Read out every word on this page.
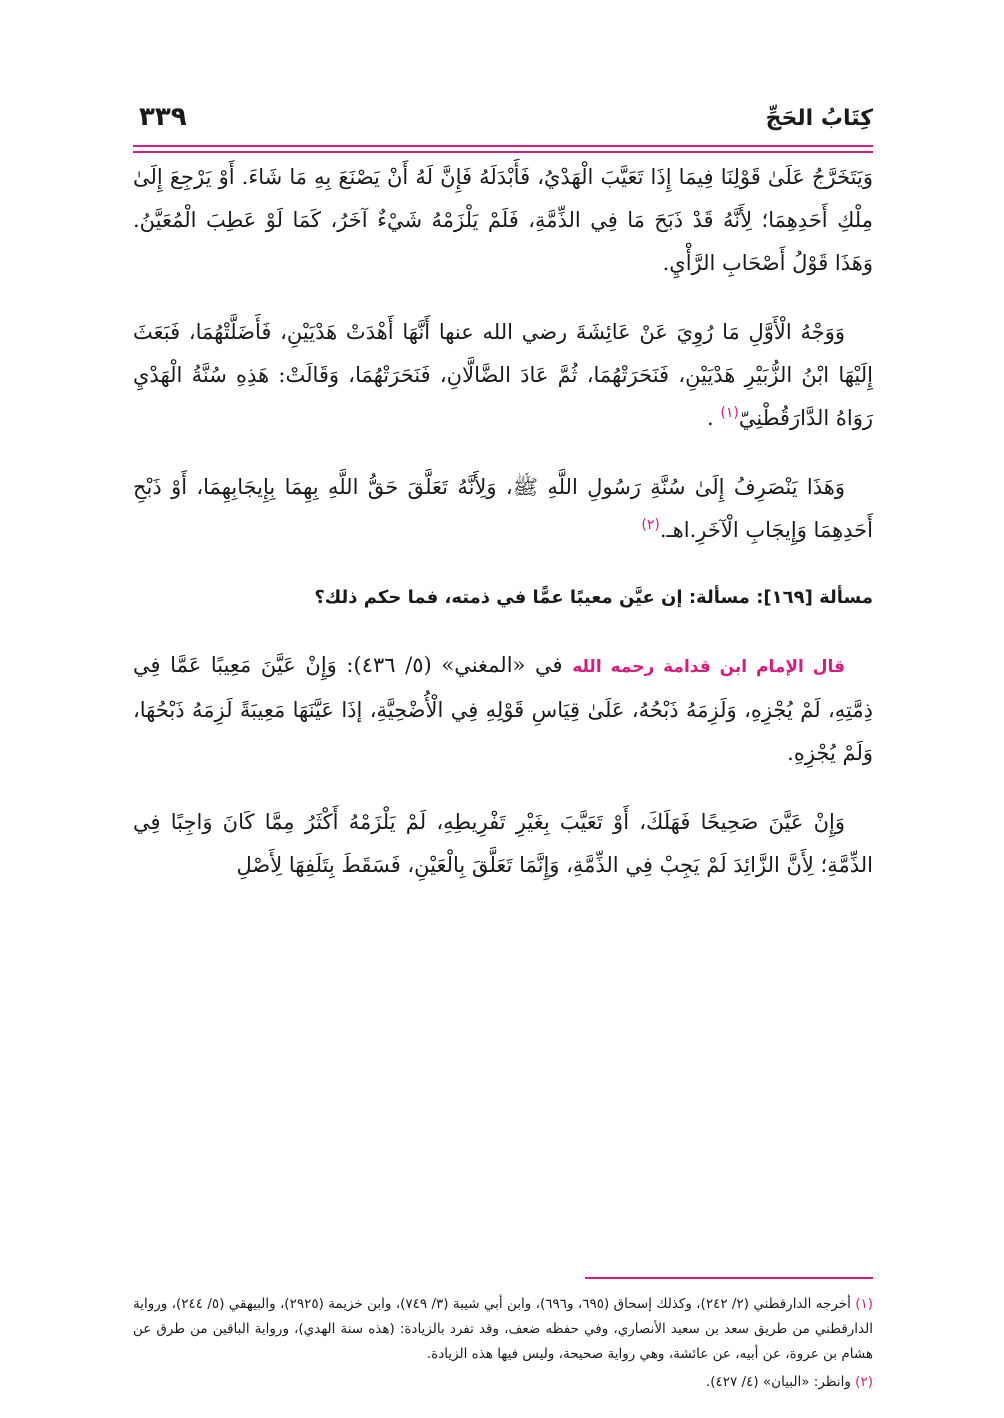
كِتَابُ الحَجِّ
٣٣٩

وَيَتَخَرَّجُ عَلَىٰ قَوْلِنَا فِيمَا إِذَا تَعَيَّبَ الْهَدْيُ، فَأَبْدَلَهُ فَإِنَّ لَهُ أَنْ يَصْنَعَ بِهِ مَا شَاءَ. أَوْ يَرْجِعَ إِلَىٰ مِلْكِ أَحَدِهِمَا؛ لِأَنَّهُ قَدْ ذَبَحَ مَا فِي الذِّمَّةِ، فَلَمْ يَلْزَمْهُ شَيْءٌ آخَرُ، كَمَا لَوْ عَطِبَ الْمُعَيَّنُ. وَهَذَا قَوْلُ أَصْحَابِ الرَّأْيِ.

وَوَجْهُ الْأَوَّلِ مَا رُوِيَ عَنْ عَائِشَةَ رضي الله عنها أَنَّهَا أَهْدَتْ هَدْيَيْنِ، فَأَضَلَّتْهُمَا، فَبَعَثَ إِلَيْهَا ابْنُ الزُّبَيْرِ هَدْيَيْنِ، فَنَحَرَتْهُمَا، ثُمَّ عَادَ الضَّالَّانِ، فَنَحَرَتْهُمَا، وَقَالَتْ: هَذِهِ سُنَّةُ الْهَدْيِ رَوَاهُ الدَّارَقُطْنِيّ$^{(١)}$ .

وَهَذَا يَنْصَرِفُ إِلَىٰ سُنَّةِ رَسُولِ اللَّهِ ﷺ، وَلِأَنَّهُ تَعَلَّقَ حَقُّ اللَّهِ بِهِمَا بِإِيجَابِهِمَا، أَوْ ذَبْحِ أَحَدِهِمَا وَإِيجَابِ الْآخَرِ.اهـ.$^{(٢)}$

مسألة [١٦٩]: مسألة: إن عيَّن معيبًا عمًّا في ذمته، فما حكم ذلك؟

قال الإمام ابن قدامة رحمه الله في «المغني» (٥/ ٤٣٦): وَإِنْ عَيَّنَ مَعِيبًا عَمَّا فِي ذِمَّتِهِ، لَمْ يُجْزِهِ، وَلَزِمَهُ ذَبْحُهُ، عَلَىٰ قِيَاسِ قَوْلِهِ فِي الْأُضْحِيَّةِ، إذَا عَيَّنَهَا مَعِيبَةً لَزِمَهُ ذَبْحُهَا، وَلَمْ يُجْزِهِ.

وَإِنْ عَيَّنَ صَحِيحًا فَهَلَكَ، أَوْ تَعَيَّبَ بِغَيْرِ تَفْرِيطِهِ، لَمْ يَلْزَمْهُ أَكْثَرُ مِمَّا كَانَ وَاجِبًا فِي الذِّمَّةِ؛ لِأَنَّ الزَّائِدَ لَمْ يَجِبْ فِي الذِّمَّةِ، وَإِنَّمَا تَعَلَّقَ بِالْعَيْنِ، فَسَقَطَ بِتَلَفِهَا لِأَصْلِ

(١) أخرجه الدارقطني (٢/ ٢٤٢)، وكذلك إسحاق (٦٩٥، و٦٩٦)، وابن أبي شيبة (٣/ ٧٤٩)، وابن خزيمة (٢٩٢٥)، والبيهقي (٥/ ٢٤٤)، ورواية الدارقطني من طريق سعد بن سعيد الأنصاري، وفي حفظه ضعف، وقد تفرد بالزيادة: (هذه سنة الهدي)، ورواية الباقين من طرق عن هشام بن عروة، عن أبيه، عن عائشة، وهي رواية صحيحة، وليس فيها هذه الزيادة.

(٢) وانظر: «البيان» (٤/ ٤٢٧).
